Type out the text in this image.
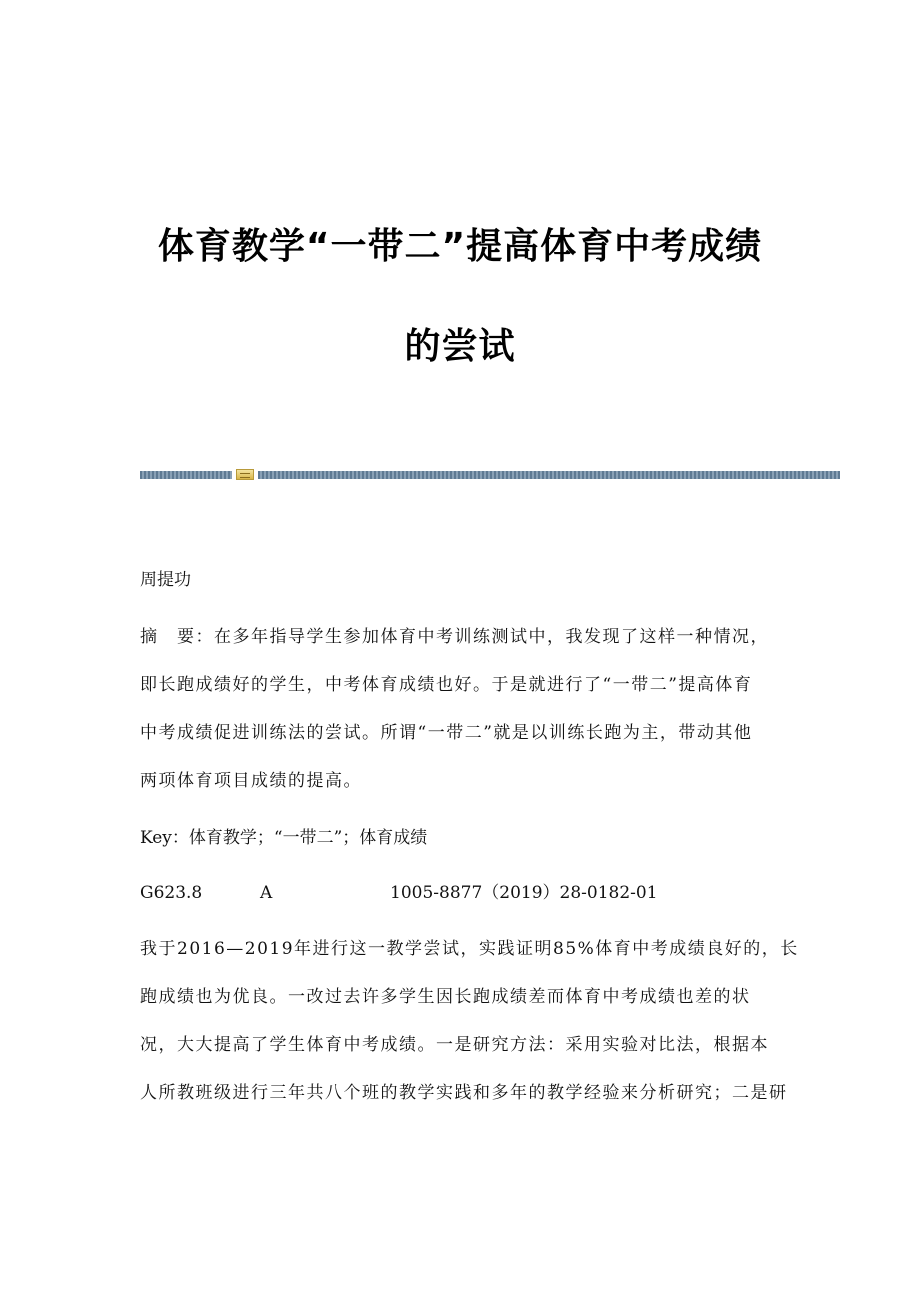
体育教学“一带二”提高体育中考成绩
的尝试
周提功
摘　要：在多年指导学生参加体育中考训练测试中，我发现了这样一种情况，
即长跑成绩好的学生，中考体育成绩也好。于是就进行了“一带二”提高体育
中考成绩促进训练法的尝试。所谓“一带二”就是以训练长跑为主，带动其他
两项体育项目成绩的提高。
Key：体育教学；“一带二”；体育成绩
G623.8	A	1005-8877（2019）28-0182-01
我于2016—2019年进行这一教学尝试，实践证明85%体育中考成绩良好的，长
跑成绩也为优良。一改过去许多学生因长跑成绩差而体育中考成绩也差的状
况，大大提高了学生体育中考成绩。一是研究方法：采用实验对比法，根据本
人所教班级进行三年共八个班的教学实践和多年的教学经验来分析研究；二是研
